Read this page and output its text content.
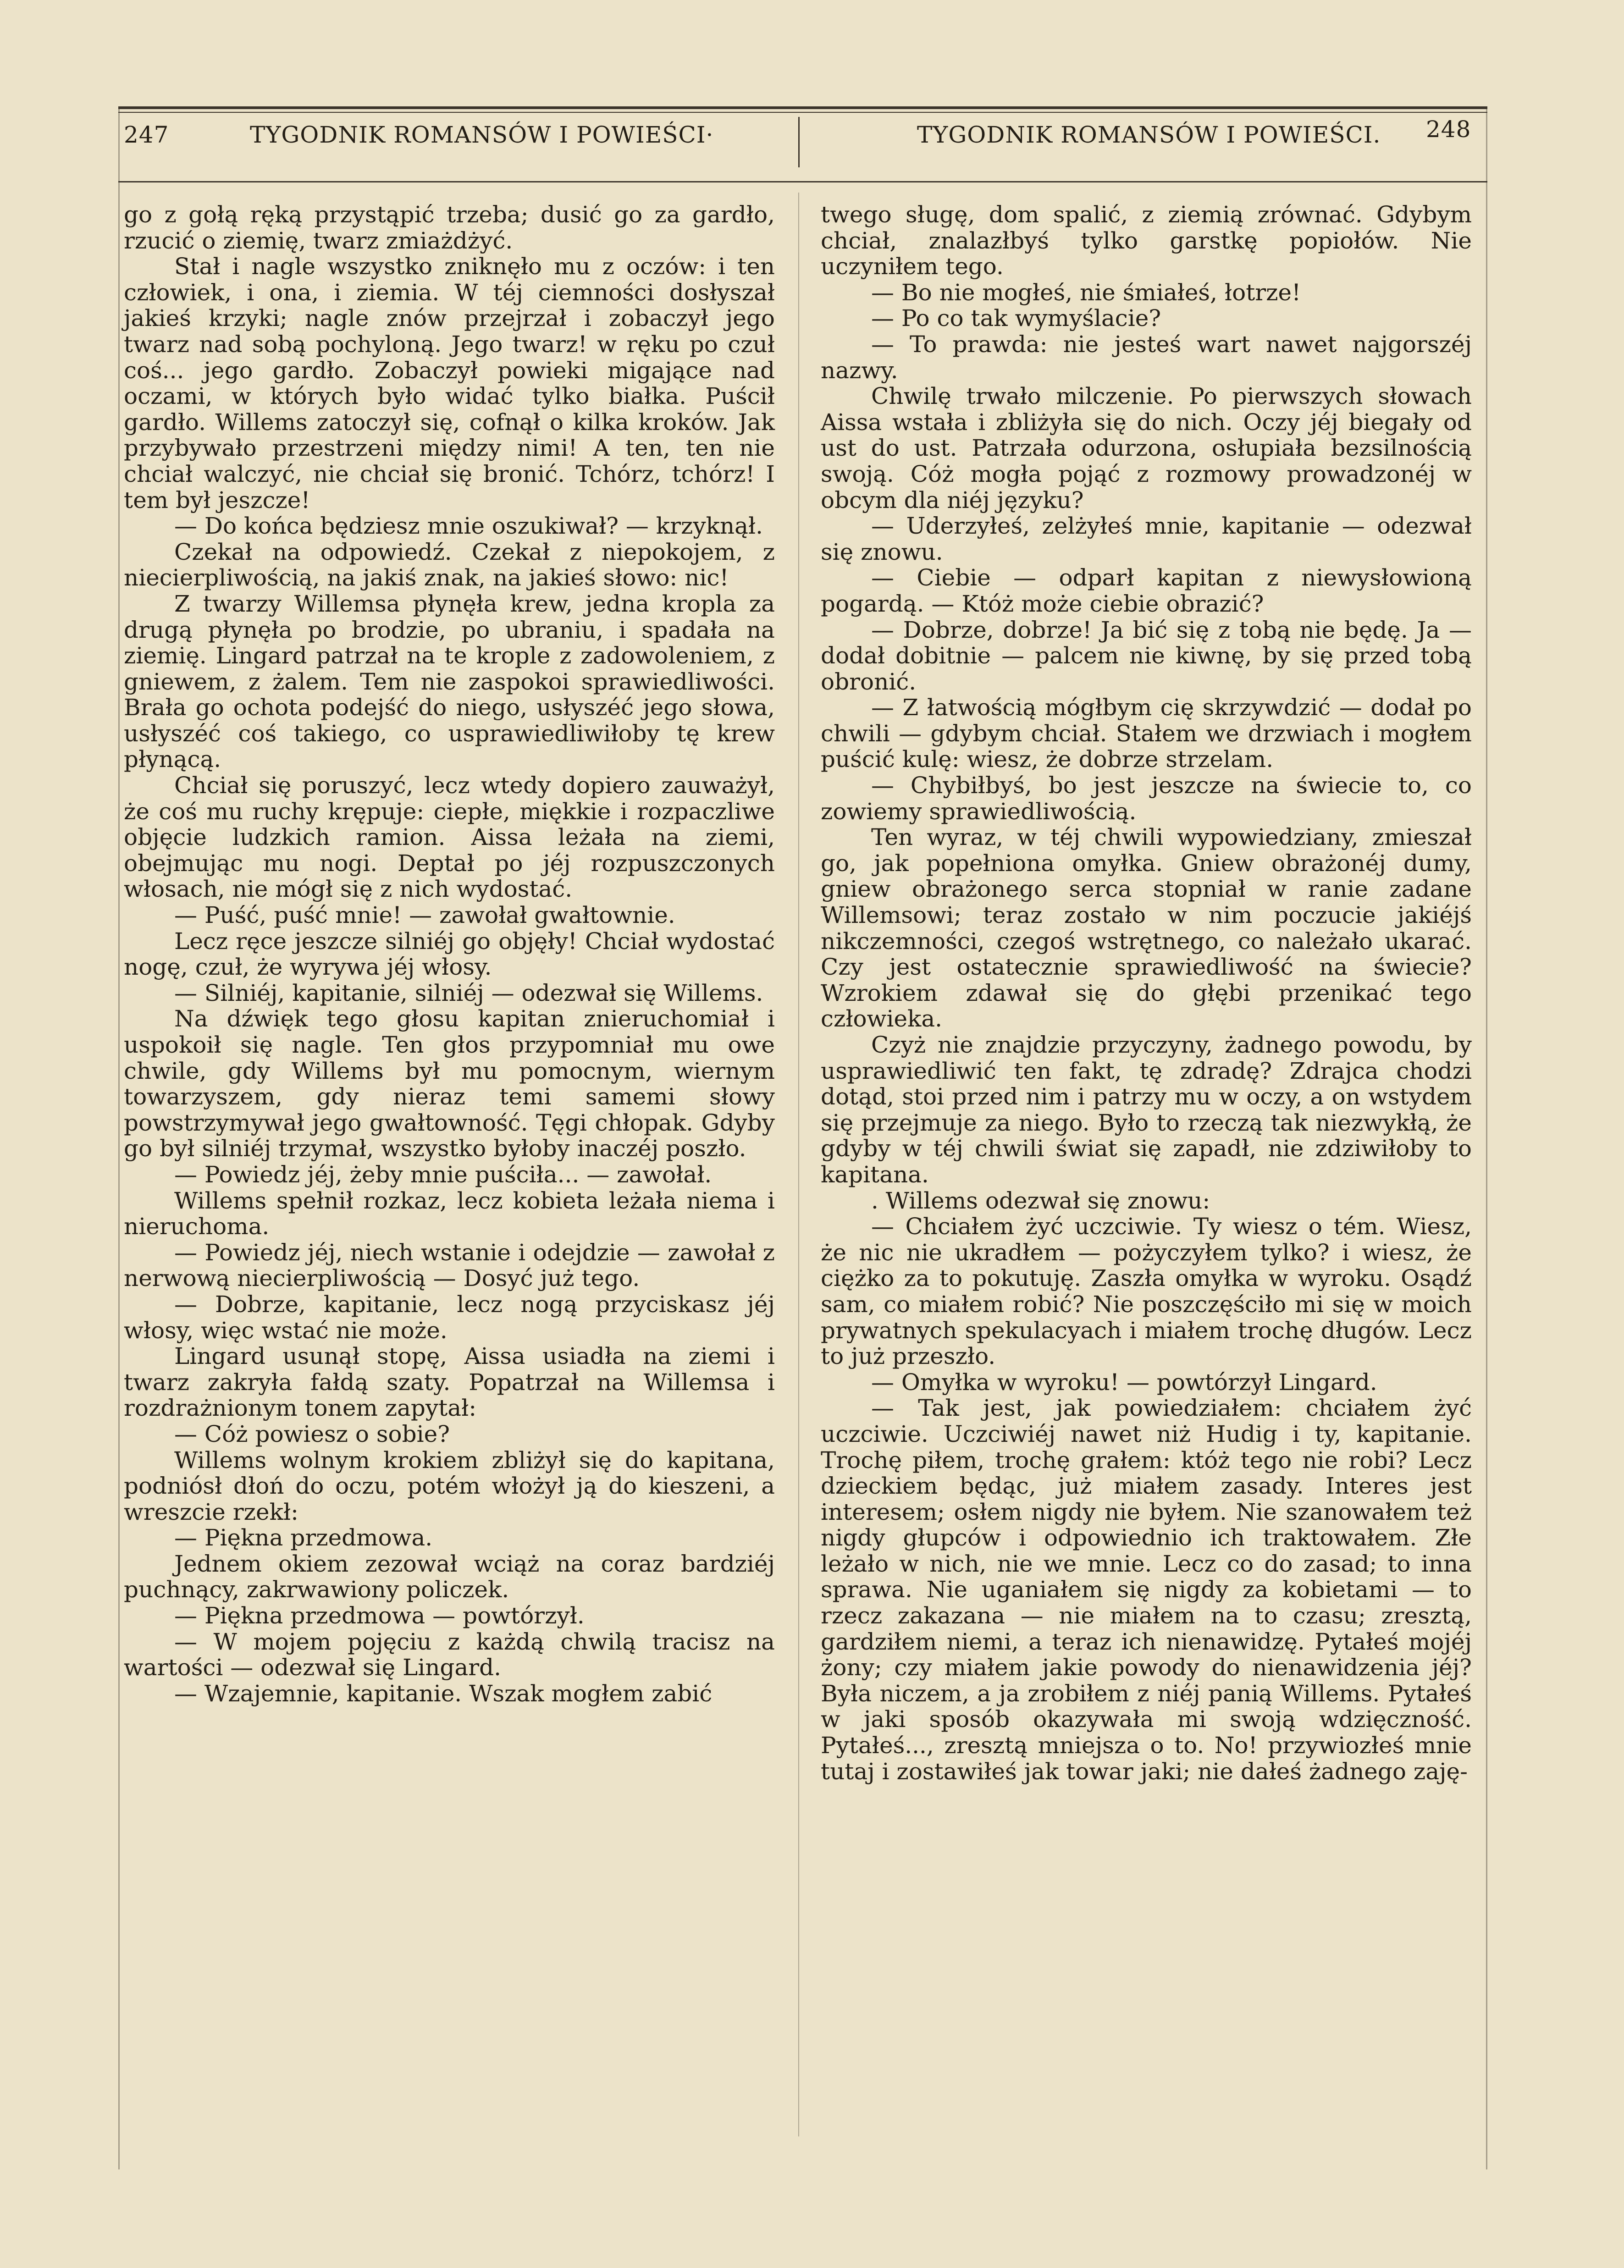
247	TYGODNIK ROMANSÓW I POWIEŚCI·	TYGODNIK ROMANSÓW I POWIEŚCI. 248

go z gołą ręką przystąpić trzeba; dusić go za gardło, rzucić o ziemię, twarz zmiażdżyć.

Stał i nagle wszystko zniknęło mu z oczów: i ten człowiek, i ona, i ziemia. W téj ciemności dosłyszał jakieś krzyki; nagle znów przejrzał i zobaczył jego twarz nad sobą pochyloną. Jego twarz! w ręku po czuł coś... jego gardło. Zobaczył powieki migające nad oczami, w których było widać tylko białka. Puścił gardło. Willems zatoczył się, cofnął o kilka kroków. Jak przybywało przestrzeni między nimi! A ten, ten nie chciał walczyć, nie chciał się bronić. Tchórz, tchórz! I tem był jeszcze!

— Do końca będziesz mnie oszukiwał? — krzyknął.

Czekał na odpowiedź. Czekał z niepokojem, z niecierpliwością, na jakiś znak, na jakieś słowo: nic!

Z twarzy Willemsa płynęła krew, jedna kropla za drugą płynęła po brodzie, po ubraniu, i spadała na ziemię. Lingard patrzał na te krople z zadowoleniem, z gniewem, z żalem. Tem nie zaspokoi sprawiedliwości. Brała go ochota podejść do niego, usłyszéć jego słowa, usłyszéć coś takiego, co usprawiedliwiłoby tę krew płynącą.

Chciał się poruszyć, lecz wtedy dopiero zauważył, że coś mu ruchy krępuje: ciepłe, miękkie i rozpaczliwe objęcie ludzkich ramion. Aissa leżała na ziemi, obejmując mu nogi. Deptał po jéj rozpuszczonych włosach, nie mógł się z nich wydostać.

— Puść, puść mnie! — zawołał gwałtownie.

Lecz ręce jeszcze silniéj go objęły! Chciał wydostać nogę, czuł, że wyrywa jéj włosy.

— Silniéj, kapitanie, silniéj — odezwał się Willems.

Na dźwięk tego głosu kapitan znieruchomiał i uspokoił się nagle. Ten głos przypomniał mu owe chwile, gdy Willems był mu pomocnym, wiernym towarzyszem, gdy nieraz temi samemi słowy powstrzymywał jego gwałtowność. Tęgi chłopak. Gdyby go był silniéj trzymał, wszystko byłoby inaczéj poszło.

— Powiedz jéj, żeby mnie puściła... — zawołał.

Willems spełnił rozkaz, lecz kobieta leżała niema i nieruchoma.

— Powiedz jéj, niech wstanie i odejdzie — zawołał z nerwową niecierpliwością — Dosyć już tego.

— Dobrze, kapitanie, lecz nogą przyciskasz jéj włosy, więc wstać nie może.

Lingard usunął stopę, Aissa usiadła na ziemi i twarz zakryła fałdą szaty. Popatrzał na Willemsa i rozdrażnionym tonem zapytał:

— Cóż powiesz o sobie?

Willems wolnym krokiem zbliżył się do kapitana, podniósł dłoń do oczu, potém włożył ją do kieszeni, a wreszcie rzekł:

— Piękna przedmowa.

Jednem okiem zezował wciąż na coraz bardziéj puchnący, zakrwawiony policzek.

— Piękna przedmowa — powtórzył.

— W mojem pojęciu z każdą chwilą tracisz na wartości — odezwał się Lingard.

— Wzajemnie, kapitanie. Wszak mogłem zabić

twego sługę, dom spalić, z ziemią zrównać. Gdybym chciał, znalazłbyś tylko garstkę popiołów. Nie uczyniłem tego.

— Bo nie mogłeś, nie śmiałeś, łotrze!

— Po co tak wymyślacie?

— To prawda: nie jesteś wart nawet najgorszéj nazwy.

Chwilę trwało milczenie. Po pierwszych słowach Aissa wstała i zbliżyła się do nich. Oczy jéj biegały od ust do ust. Patrzała odurzona, osłupiała bezsilnością swoją. Cóż mogła pojąć z rozmowy prowadzonéj w obcym dla niéj języku?

— Uderzyłeś, zelżyłeś mnie, kapitanie — odezwał się znowu.

— Ciebie — odparł kapitan z niewysłowioną pogardą. — Któż może ciebie obrazić?

— Dobrze, dobrze! Ja bić się z tobą nie będę. Ja — dodał dobitnie — palcem nie kiwnę, by się przed tobą obronić.

— Z łatwością mógłbym cię skrzywdzić — dodał po chwili — gdybym chciał. Stałem we drzwiach i mogłem puścić kulę: wiesz, że dobrze strzelam.

— Chybiłbyś, bo jest jeszcze na świecie to, co zowiemy sprawiedliwością.

Ten wyraz, w téj chwili wypowiedziany, zmieszał go, jak popełniona omyłka. Gniew obrażonéj dumy, gniew obrażonego serca stopniał w ranie zadane Willemsowi; teraz zostało w nim poczucie jakiéjś nikczemności, czegoś wstrętnego, co należało ukarać. Czy jest ostatecznie sprawiedliwość na świecie? Wzrokiem zdawał się do głębi przenikać tego człowieka.

Czyż nie znajdzie przyczyny, żadnego powodu, by usprawiedliwić ten fakt, tę zdradę? Zdrajca chodzi dotąd, stoi przed nim i patrzy mu w oczy, a on wstydem się przejmuje za niego. Było to rzeczą tak niezwykłą, że gdyby w téj chwili świat się zapadł, nie zdziwiłoby to kapitana.

. Willems odezwał się znowu:

— Chciałem żyć uczciwie. Ty wiesz o tém. Wiesz, że nic nie ukradłem — pożyczyłem tylko? i wiesz, że ciężko za to pokutuję. Zaszła omyłka w wyroku. Osądź sam, co miałem robić? Nie poszczęściło mi się w moich prywatnych spekulacyach i miałem trochę długów. Lecz to już przeszło.

— Omyłka w wyroku! — powtórzył Lingard.

— Tak jest, jak powiedziałem: chciałem żyć uczciwie. Uczciwiéj nawet niż Hudig i ty, kapitanie. Trochę piłem, trochę grałem: któż tego nie robi? Lecz dzieckiem będąc, już miałem zasady. Interes jest interesem; osłem nigdy nie byłem. Nie szanowałem też nigdy głupców i odpowiednio ich traktowałem. Złe leżało w nich, nie we mnie. Lecz co do zasad; to inna sprawa. Nie uganiałem się nigdy za kobietami — to rzecz zakazana — nie miałem na to czasu; zresztą, gardziłem niemi, a teraz ich nienawidzę. Pytałeś mojéj żony; czy miałem jakie powody do nienawidzenia jéj? Była niczem, a ja zrobiłem z niéj panią Willems. Pytałeś w jaki sposób okazywała mi swoją wdzięczność. Pytałeś..., zresztą mniejsza o to. No! przywiozłeś mnie tutaj i zostawiłeś jak towar jaki; nie dałeś żadnego zaję-
